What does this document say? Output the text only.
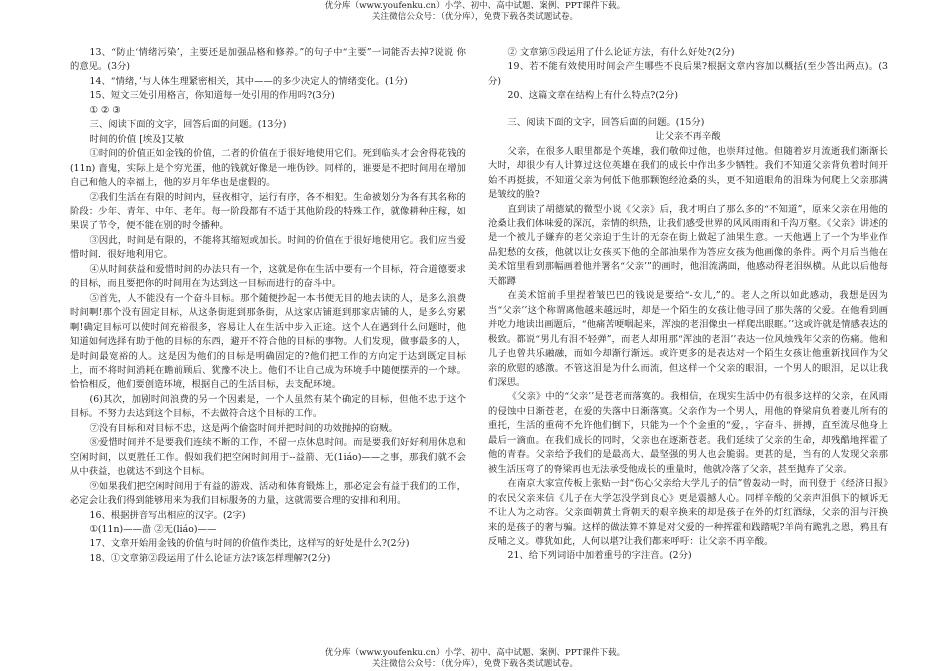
优分库（www.youfenku.cn）小学、初中、高中试题、案例、PPT课件下载。
关注微信公众号：（优分库），免费下载各类试题试卷。

13、“防止‘情绪污染’，主要还是加强品格和修养。”的句子中“主要”一词能否去掉?说说 你的意见。(3分)

14、“情绪，’与人体生理紧密相关，其中——的多少决定人的情绪变化。(1分)

15、短文三处引用格言，你知道每一处引用的作用吗?(3分)

① ② ③

三、阅读下面的文字，回答后面的问题。(13分)

时间的价值 [埃及]艾敏

①时间的价值正如金钱的价值，二者的价值在于很好地使用它们。死到临头才会舍得花钱的(11n) 啬鬼，实际上是个穷光蛋，他的钱就好像是一堆伪钞。同样的，谁要是不把时间用在增加自己和他人的幸福上，他的岁月年华也是虚假的。

②我们生活在有限的时间内，昼夜相守，运行有序，各不相犯。生命被划分为各有其名称的阶段：少年、青年、中年、老年。每一阶段都有不适于其他阶段的特殊工作，就像耕种庄稼，如果误了节令，便不能在别的时令播种。

③因此，时间是有限的，不能将其缩短或加长。时间的价值在于很好地使用它。我们应当爱惜时间．很好地利用它。

④从时间获益和爱惜时间的办法只有一个，这就是你在生活中要有一个目标，符合道德要求的目标，而且要把你的时间用在为达到这一目标而进行的奋斗中。

⑤首先，人不能没有一个奋斗目标。那个随便抄起一本书便无目的地去读的人，是多么浪费时间啊!那个没有固定目标，从这条街逛到那条街，从这家店铺逛到那家店铺的人，是多么穷累啊!确定目标可以使时间充裕很多，容易让人在生活中步入正途。这个人在遇到什么问题时，他知道如何选择有助于他的目标的东西，避开不符合他的目标的事物。人们发现，做事最多的人，是时间最宽裕的人。这是因为他们的目标是明确固定的?他们把工作的方向定于达到既定目标上，而不将时间消耗在瞻前顾后、犹豫不决上。他们不让自己成为环境手中随便摆弄的一个球。恰恰相反，他们要创造环境，根据自己的生活目标，去支配环境。

(6)其次，加剧时间浪费的另一个因素是，一个人虽然有某个确定的目标，但他不忠于这个目标。不努力去达到这个目标，不去做符合这个目标的工作。

⑦没有目标和对目标不忠，这是两个偷盗时间并把时间的功效抛掉的窃贼。

⑧爱惜时间并不是要我们连续不断的工作，不留一点休息时间。而是要我们好好利用休息和空闲时间，以更胜任工作。假如我们把空闲时间用于--益箭、无(1iáo)——之事，那我们就不会从中获益，也就达不到这个目标。

⑨如果我们把空闲时间用于有益的游戏、活动和体育锻炼上，那必定会有益于我们的工作，必定会让我们得到能够用来为我们目标服务的力量，这就需要合理的安排和利用。

16、根据拼音写出相应的汉字。(2字)

①(11n)——啬 ②无(liáo)——

17、文章开始用金钱的价值与时间的价值作类比，这样写的好处是什么?(2分)

18、①文章第②段运用了什么论证方法?该怎样理解?(2分)

② 文章第⑤段运用了什么论证方法，有什么好处?(2分)

19、若不能有效使用时间会产生哪些不良后果?根据文章内容加以概括(至少答出两点)。(3分)

20、这篇文章在结构上有什么特点?(2分)

三、阅读下面的文字，回答后面的问题。(15分)

让父亲不再辛酸

父亲，在很多人眼里都是个英雄，我们敬仰过他，也崇拜过他。但随着岁月流逝我们渐渐长大时，却很少有人计算过这位英雄在我们的成长中作出多少牺牲。我们不知道父亲背负着时间开始不再挺拔，不知道父亲为何低下他那颗饱经沧桑的头，更不知道眼角的泪珠为何爬上父亲那满是皱纹的脸?

直到读了胡德斌的微型小说《父亲》后，我才明白了那么多的“不知道”，原来父亲在用他的沧桑让我们体味爱的深沉，亲情的织热，让我们感受世界的风风雨雨和千沟万壑。《父亲》讲述的是一个被儿子嫌弃的老父亲迫于生计的无奈在街上做起了油果生意。一天他遇上了一个为毕业作品犯愁的女孩，他就以让女孩买下他的全部油果作为答应女孩为他画像的条件。两个月后当他在美术馆里看到那幅画着他并署名“父亲’”的画时，他泪流满面，他感动得老泪纵横。从此以后他每天都蹲

在美术馆前手里捏着皱巴巴的钱说是要给“-女儿,”的。老人之所以如此感动，我想是因为当“父亲’’这个称谓离他越来越远时，却是一个陌生的女孩让他寻回了那失落的父爱。在他看到画并吃力地读出画题后，“他痛苦哽咽起来，浑浊的老泪像虫一样爬出眼眶。’’这或许就是情感表达的极致。都说“男儿有泪不轻弹”，而老人却用那“浑浊的老泪’’表达一位风烛残年父亲的伤痛。他和儿子也曾共乐融融，而如今却渐行渐远。或许更多的是表达对一个陌生女孩让他重新找回作为父亲的欣慰的感激。不管这泪是为什么而流，但这样一个父亲的眼泪，一个男人的眼泪，足以让我们深思。

《父亲》中的“父亲’’是苍老而落寞的。我相信，在现实生活中仍有很多这样的父亲，在风雨的侵蚀中日渐苍老，在爱的失落中日渐落寞。父亲作为一个男人，用他的脊梁肩负着妻儿所有的重托，生活的重荷不允许他们倒下，只能为一个个金重的“爱，，字奋斗、拼搏，直至流尽他身上最后一滴血。在我们成长的同时，父亲也在逐渐苍老。我们延续了父亲的生命，却残酷地挥霍了他的青春。父亲给予我们的是最高大、最坚强的男人也会脆弱。更甚的是，当有的人发现父亲那被生活压弯了的脊梁再也无法承受他成长的重量时，他就冷落了父亲，甚至抛弃了父亲。

在南京大家宣传板上张贴一封“伤心父亲给大学儿子的信”曾轰动一时，而刊登于《经济日报》的农民父亲来信《儿子在大学怎没学到良心》更是震撼人心。同样辛酸的父亲声泪俱下的倾诉无不让人为之动容。父亲面朝黄土背朝天的艰辛换来的却是孩子在外的灯红酒绿，父亲的泪与汗换来的是孩子的奢与骗。这样的做法算不算是对父爱的一种挥霍和践踏呢?羊尚有跪乳之恩，鸦且有反哺之义。尊犹如此，人何以堪?让我们都来呼吁：让父亲不再辛酸。

21、给下列词语中加着重号的字注音。(2分)

优分库（www.youfenku.cn）小学、初中、高中试题、案例、PPT课件下载。
关注微信公众号：（优分库），免费下载各类试题试卷。
